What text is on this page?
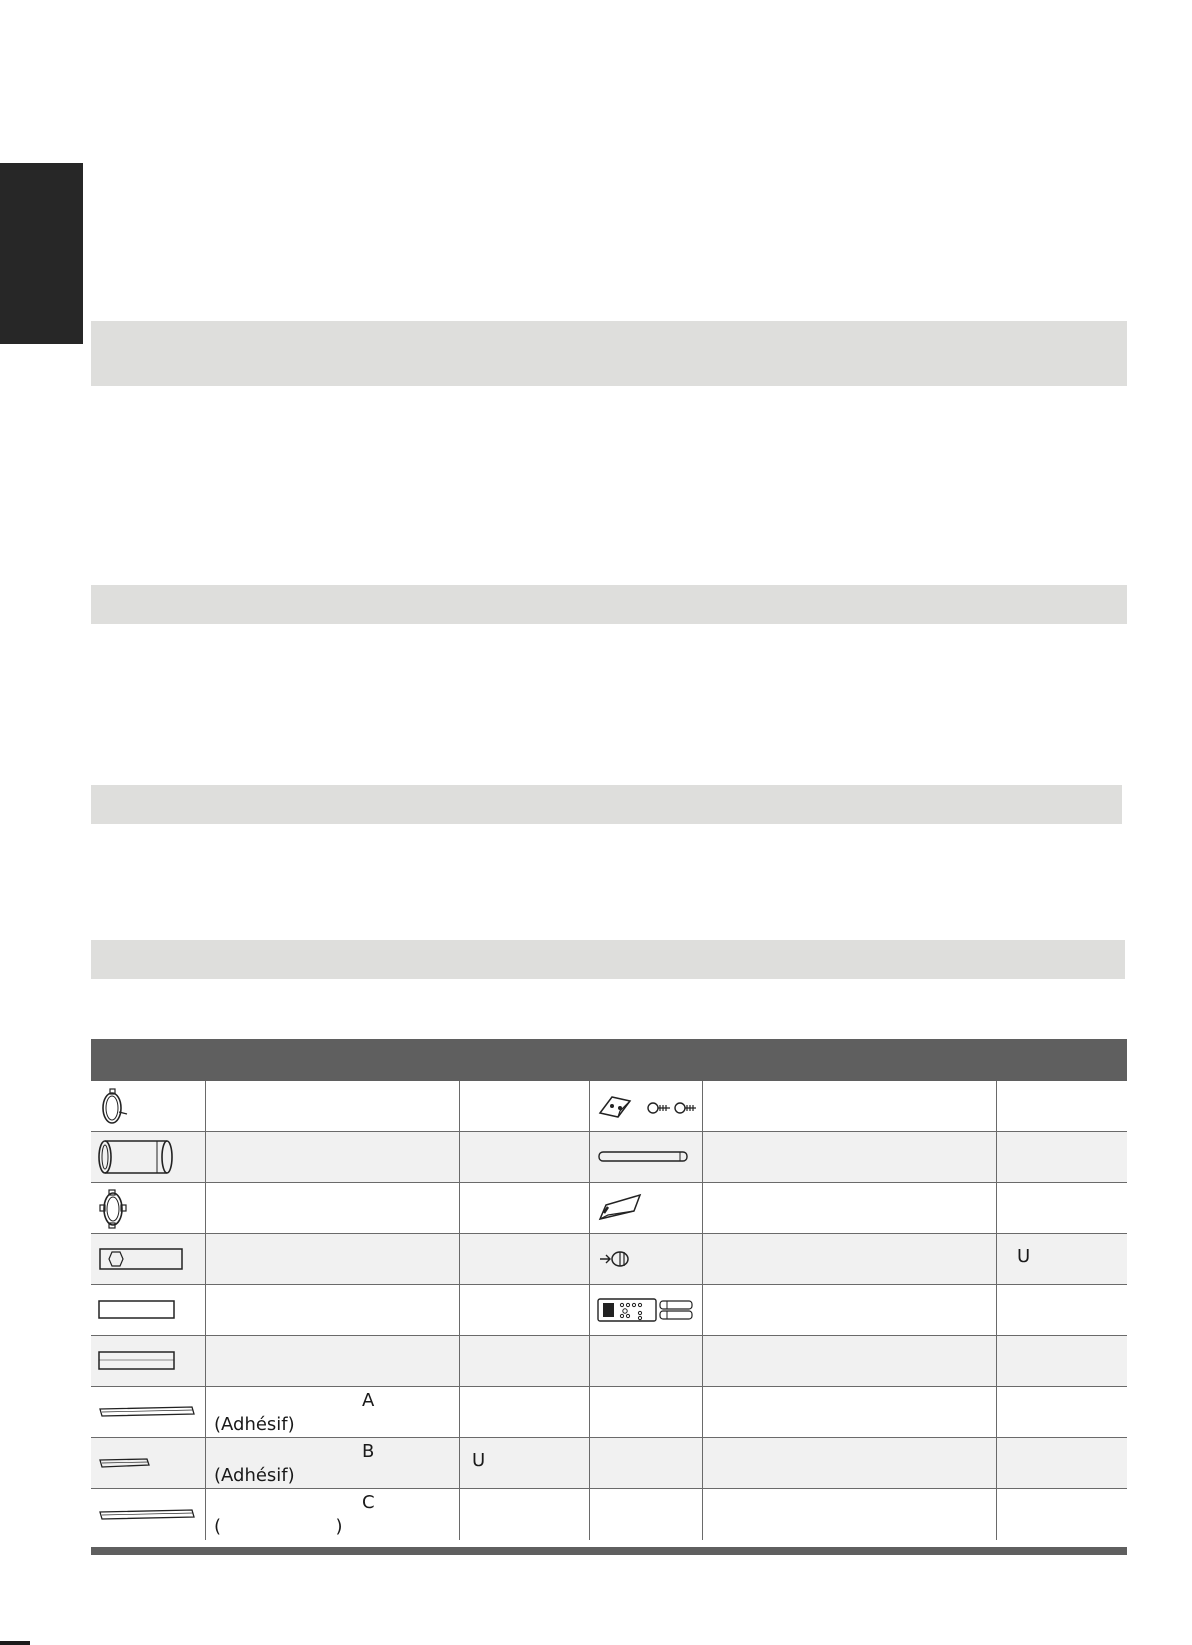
U
A
(Adhésif)
B
(Adhésif)
U
C
(                    )
